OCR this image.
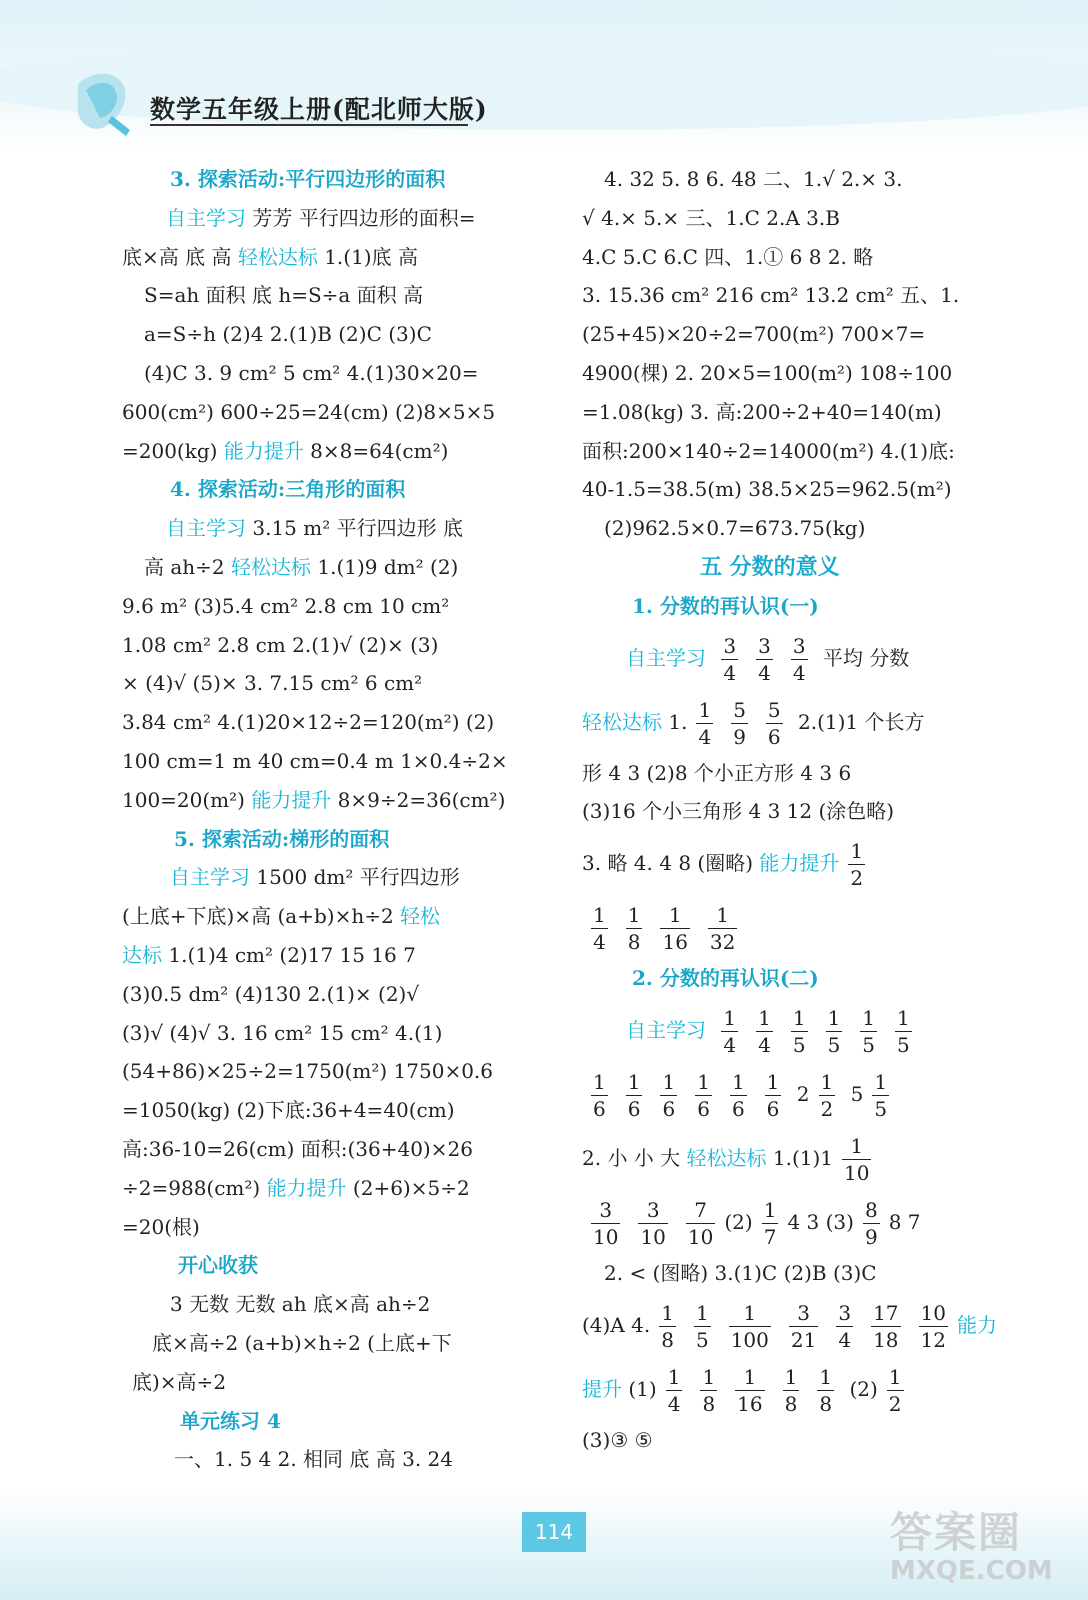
数学五年级上册(配北师大版)
3. 探索活动:平行四边形的面积
自主学习 芳芳 平行四边形的面积=
底×高 底 高 轻松达标 1.(1)底 高
S=ah 面积 底 h=S÷a 面积 高
a=S÷h (2)4 2.(1)B (2)C (3)C
(4)C 3. 9 cm² 5 cm² 4.(1)30×20=
600(cm²) 600÷25=24(cm) (2)8×5×5
=200(kg) 能力提升 8×8=64(cm²)
4. 探索活动:三角形的面积
自主学习 3.15 m² 平行四边形 底
高 ah÷2 轻松达标 1.(1)9 dm² (2)
9.6 m² (3)5.4 cm² 2.8 cm 10 cm²
1.08 cm² 2.8 cm 2.(1)√ (2)× (3)
× (4)√ (5)× 3. 7.15 cm² 6 cm²
3.84 cm² 4.(1)20×12÷2=120(m²) (2)
100 cm=1 m 40 cm=0.4 m 1×0.4÷2×
100=20(m²) 能力提升 8×9÷2=36(cm²)
5. 探索活动:梯形的面积
自主学习 1500 dm² 平行四边形
(上底+下底)×高 (a+b)×h÷2 轻松
达标 1.(1)4 cm² (2)17 15 16 7
(3)0.5 dm² (4)130 2.(1)× (2)√
(3)√ (4)√ 3. 16 cm² 15 cm² 4.(1)
(54+86)×25÷2=1750(m²) 1750×0.6
=1050(kg) (2)下底:36+4=40(cm)
高:36-10=26(cm) 面积:(36+40)×26
÷2=988(cm²) 能力提升 (2+6)×5÷2
=20(根)
开心收获
3 无数 无数 ah 底×高 ah÷2
底×高÷2 (a+b)×h÷2 (上底+下
底)×高÷2
单元练习 4
一、1. 5 4 2. 相同 底 高 3. 24
4. 32 5. 8 6. 48 二、1.√ 2.× 3.
√ 4.× 5.× 三、1.C 2.A 3.B
4.C 5.C 6.C 四、1.① 6 8 2. 略
3. 15.36 cm² 216 cm² 13.2 cm² 五、1.
(25+45)×20÷2=700(m²) 700×7=
4900(棵) 2. 20×5=100(m²) 108÷100
=1.08(kg) 3. 高:200÷2+40=140(m)
面积:200×140÷2=14000(m²) 4.(1)底:
40-1.5=38.5(m) 38.5×25=962.5(m²)
(2)962.5×0.7=673.75(kg)
五 分数的意义
1. 分数的再认识(一)
自主学习 $\frac{3}{4} \frac{3}{4} \frac{3}{4}$ 平均 分数
轻松达标 1. $\frac{1}{4} \frac{5}{9} \frac{5}{6} 2.(1)1$ 个长方
形 4 3 (2)8 个小正方形 4 3 6
(3)16 个小三角形 4 3 12 (涂色略)
3. 略 4. 4 8 (圈略) 能力提升 $\frac{1}{2}$
$\frac{1}{4} \frac{1}{8} \frac{1}{16} \frac{1}{32}$
2. 分数的再认识(二)
自主学习 $\frac{1}{4} \frac{1}{4} \frac{1}{5} \frac{1}{5} \frac{1}{5} \frac{1}{5}$
$\frac{1}{6} \frac{1}{6} \frac{1}{6} \frac{1}{6} \frac{1}{6} \frac{1}{6} 2 \frac{1}{2} 5 \frac{1}{5}$
2. 小 小 大 轻松达标 $1.(1)1 \frac{1}{10}$
$\frac{3}{10} \frac{3}{10} \frac{7}{10} (2) \frac{1}{7} 4$ 3 $(3) \frac{8}{9} 8$ 7
2. < (图略) 3.(1)C (2)B (3)C
(4)A 4. $\frac{1}{8} \frac{1}{5} \frac{1}{100} \frac{3}{21} \frac{3}{4} \frac{17}{18} \frac{10}{12}$ 能力
提升 $(1) \frac{1}{4} \frac{1}{8} \frac{1}{16} \frac{1}{8} \frac{1}{8} (2) \frac{1}{2}$
(3)③ ⑤
114	答案圈
MXQE.COM
